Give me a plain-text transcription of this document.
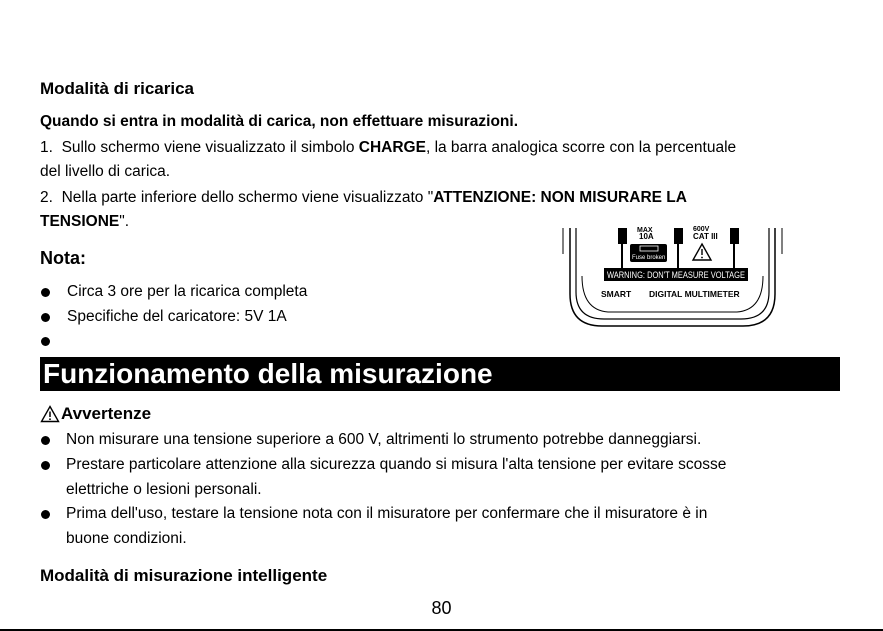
Modalità di ricarica
Quando si entra in modalità di carica, non effettuare misurazioni.
1. Sullo schermo viene visualizzato il simbolo CHARGE, la barra analogica scorre con la percentuale
del livello di carica.
2. Nella parte inferiore dello schermo viene visualizzato "ATTENZIONE: NON MISURARE LA
TENSIONE".
Nota:
Circa 3 ore per la ricarica completa
Specifiche del caricatore: 5V 1A
MAX
10A
600V
CAT III
Fuse broken
WARNING: DON'T MEASURE VOLTAGE
SMART DIGITAL MULTIMETER
Funzionamento della misurazione
Avvertenze
Non misurare una tensione superiore a 600 V, altrimenti lo strumento potrebbe danneggiarsi.
Prestare particolare attenzione alla sicurezza quando si misura l'alta tensione per evitare scosse
elettriche o lesioni personali.
Prima dell'uso, testare la tensione nota con il misuratore per confermare che il misuratore è in
buone condizioni.
Modalità di misurazione intelligente
80
